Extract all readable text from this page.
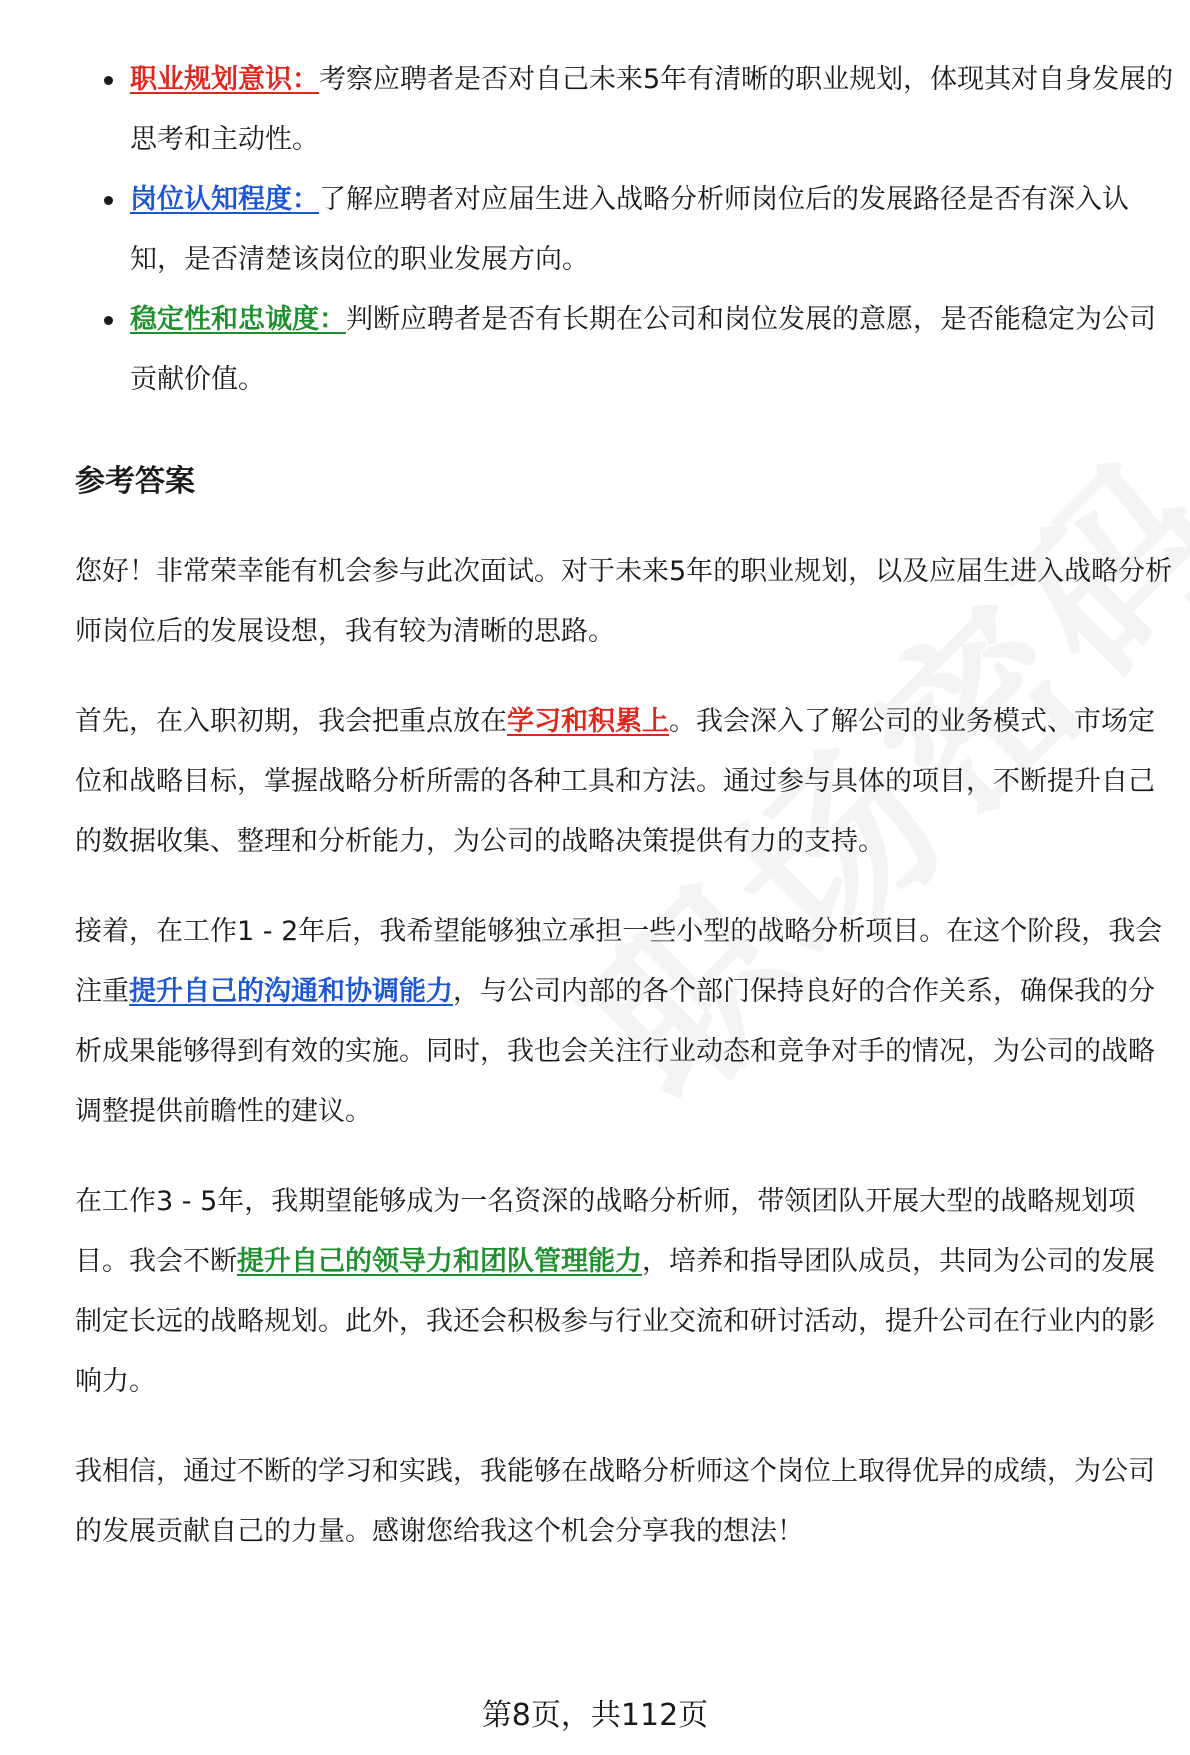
职业规划意识：考察应聘者是否对自己未来5年有清晰的职业规划，体现其对自身发展的思考和主动性。
岗位认知程度：了解应聘者对应届生进入战略分析师岗位后的发展路径是否有深入认知，是否清楚该岗位的职业发展方向。
稳定性和忠诚度：判断应聘者是否有长期在公司和岗位发展的意愿，是否能稳定为公司贡献价值。
参考答案

您好！非常荣幸能有机会参与此次面试。对于未来5年的职业规划，以及应届生进入战略分析师岗位后的发展设想，我有较为清晰的思路。

首先，在入职初期，我会把重点放在学习和积累上。我会深入了解公司的业务模式、市场定位和战略目标，掌握战略分析所需的各种工具和方法。通过参与具体的项目，不断提升自己的数据收集、整理和分析能力，为公司的战略决策提供有力的支持。

接着，在工作1 - 2年后，我希望能够独立承担一些小型的战略分析项目。在这个阶段，我会注重提升自己的沟通和协调能力，与公司内部的各个部门保持良好的合作关系，确保我的分析成果能够得到有效的实施。同时，我也会关注行业动态和竞争对手的情况，为公司的战略调整提供前瞻性的建议。

在工作3 - 5年，我期望能够成为一名资深的战略分析师，带领团队开展大型的战略规划项目。我会不断提升自己的领导力和团队管理能力，培养和指导团队成员，共同为公司的发展制定长远的战略规划。此外，我还会积极参与行业交流和研讨活动，提升公司在行业内的影响力。

我相信，通过不断的学习和实践，我能够在战略分析师这个岗位上取得优异的成绩，为公司的发展贡献自己的力量。感谢您给我这个机会分享我的想法！

第8页，共112页
